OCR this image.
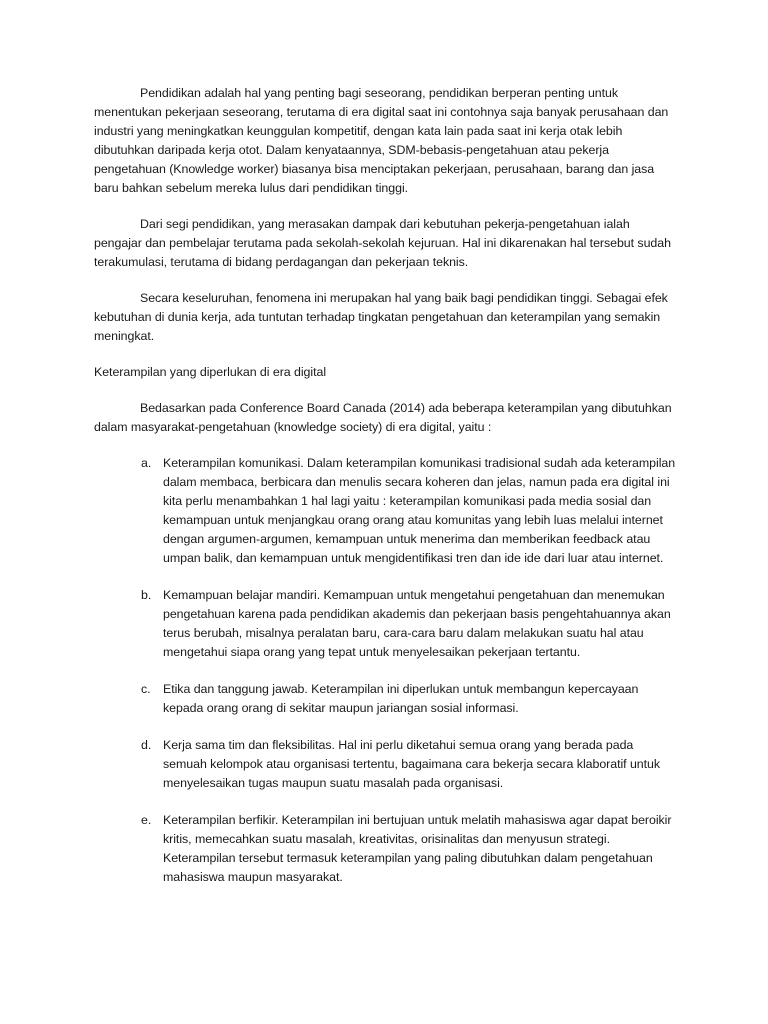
Pendidikan adalah hal yang penting bagi seseorang, pendidikan berperan penting untuk menentukan pekerjaan seseorang, terutama di era digital saat ini contohnya saja banyak perusahaan dan industri yang meningkatkan keunggulan kompetitif, dengan kata lain pada saat ini kerja otak lebih dibutuhkan daripada kerja otot. Dalam kenyataannya, SDM-bebasis-pengetahuan atau pekerja pengetahuan (Knowledge worker) biasanya bisa menciptakan pekerjaan, perusahaan, barang dan jasa baru bahkan sebelum mereka lulus dari pendidikan tinggi.

Dari segi pendidikan, yang merasakan dampak dari kebutuhan pekerja-pengetahuan ialah pengajar dan pembelajar terutama pada sekolah-sekolah kejuruan. Hal ini dikarenakan hal tersebut sudah terakumulasi, terutama di bidang perdagangan dan pekerjaan teknis.

Secara keseluruhan, fenomena ini merupakan hal yang baik bagi pendidikan tinggi. Sebagai efek kebutuhan di dunia kerja, ada tuntutan terhadap tingkatan pengetahuan dan keterampilan yang semakin meningkat.

Keterampilan yang diperlukan di era digital

Bedasarkan pada Conference Board Canada (2014) ada beberapa keterampilan yang dibutuhkan dalam masyarakat-pengetahuan (knowledge society) di era digital, yaitu :

a. Keterampilan komunikasi. Dalam keterampilan komunikasi tradisional sudah ada keterampilan dalam membaca, berbicara dan menulis secara koheren dan jelas, namun pada era digital ini kita perlu menambahkan 1 hal lagi yaitu : keterampilan komunikasi pada media sosial dan kemampuan untuk menjangkau orang orang atau komunitas yang lebih luas melalui internet dengan argumen-argumen, kemampuan untuk menerima dan memberikan feedback atau umpan balik, dan kemampuan untuk mengidentifikasi tren dan ide ide dari luar atau internet.
b. Kemampuan belajar mandiri. Kemampuan untuk mengetahui pengetahuan dan menemukan pengetahuan karena pada pendidikan akademis dan pekerjaan basis pengehtahuannya akan terus berubah, misalnya peralatan baru, cara-cara baru dalam melakukan suatu hal atau mengetahui siapa orang yang tepat untuk menyelesaikan pekerjaan tertantu.
c. Etika dan tanggung jawab. Keterampilan ini diperlukan untuk membangun kepercayaan kepada orang orang di sekitar maupun jariangan sosial informasi.
d. Kerja sama tim dan fleksibilitas. Hal ini perlu diketahui semua orang yang berada pada semuah kelompok atau organisasi tertentu, bagaimana cara bekerja secara klaboratif untuk menyelesaikan tugas maupun suatu masalah pada organisasi.
e. Keterampilan berfikir. Keterampilan ini bertujuan untuk melatih mahasiswa agar dapat beroikir kritis, memecahkan suatu masalah, kreativitas, orisinalitas dan menyusun strategi. Keterampilan tersebut termasuk keterampilan yang paling dibutuhkan dalam pengetahuan mahasiswa maupun masyarakat.
